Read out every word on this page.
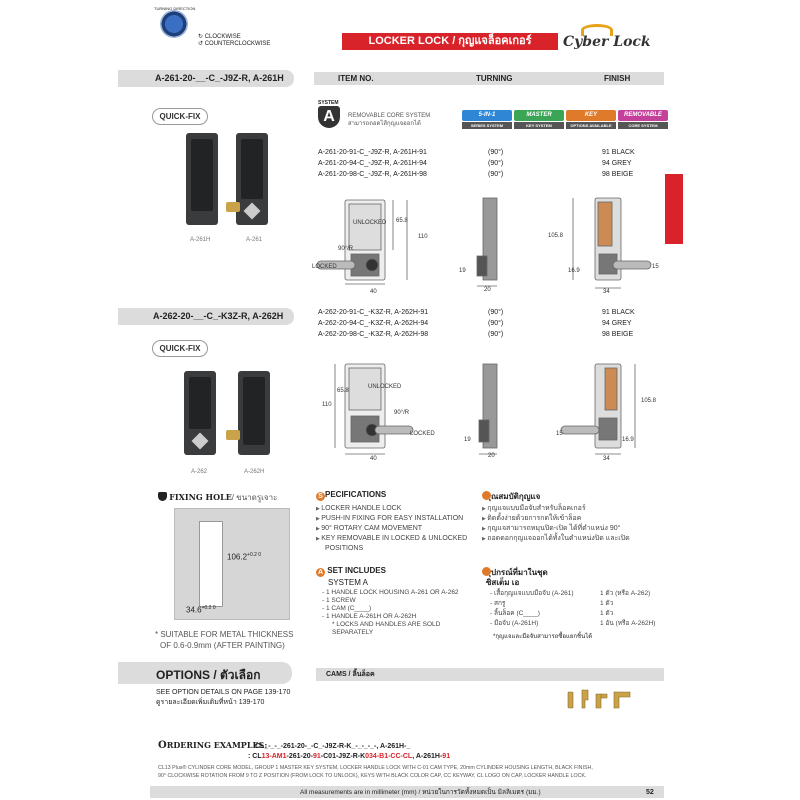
TURNING DIRECTION
↻ CLOCKWISE
↺ COUNTERCLOCKWISE	LOCKER LOCK / กุญแจล็อคเกอร์	Cyber Lock
A-261-20-__-C_-J9Z-R, A-261H
QUICK-FIX
A-261H	A-261
A-262-20-__-C_-K3Z-R, A-262H
QUICK-FIX
A-262	A-262H
FIXING HOLE/ ขนาดรูเจาะ
$106.2^{+0.2 0}$
$34.6^{+0.2 0}$
* SUITABLE FOR METAL THICKNESS
OF 0.6-0.9mm (AFTER PAINTING)
OPTIONS / ตัวเลือก
SEE OPTION DETAILS ON PAGE 139-170
ดูรายละเอียดเพิ่มเติมที่หน้า 139-170
ITEM NO.	TURNING	FINISH
SYSTEM
A	REMOVABLE CORE SYSTEM
สามารถถอดไส้กุญแจออกได้
5-IN-1
SERIES SYSTEM
MASTER
KEY SYSTEM
KEY
OPTIONS AVAILABLE
REMOVABLE
CORE SYSTEM
A-261-20-91-C_-J9Z-R, A-261H-91	(90°)	91 BLACK
A-261-20-94-C_-J9Z-R, A-261H-94	(90°)	94 GREY
A-261-20-98-C_-J9Z-R, A-261H-98	(90°)	98 BEIGE
UNLOCKED
90°/R
LOCKED
65.8
110
40
19
20
105.8
16.9
15
34
A-262-20-91-C_-K3Z-R, A-262H-91	(90°)	91 BLACK
A-262-20-94-C_-K3Z-R, A-262H-94	(90°)	94 GREY
A-262-20-98-C_-K3Z-R, A-262H-98	(90°)	98 BEIGE
UNLOCKED
90°/R
LOCKED
65.8
110
40
19
20
105.8
15
16.9
34
S PECIFICATIONS
▶ LOCKER HANDLE LOCK
▶ PUSH-IN FIXING FOR EASY INSTALLATION
▶ 90° ROTARY CAM MOVEMENT
▶ KEY REMOVABLE IN LOCKED & UNLOCKED
POSITIONS
ุณสมบัติกุญแจ
▶ กุญแจแบบมือจับสำหรับล็อคเกอร์
▶ ติดตั้งง่ายด้วยการกดให้เข้าล็อค
▶ กุญแจสามารถหมุนปิด-เปิด ได้ที่ตำแหน่ง 90°
▶ ถอดดอกกุญแจออกได้ทั้งในตำแหน่งปิด และเปิด
A SET INCLUDES
SYSTEM A
- 1 HANDLE LOCK HOUSING A-261 OR A-262
- 1 SCREW
- 1 CAM (C____)
- 1 HANDLE A-261H OR A-262H
* LOCKS AND HANDLES ARE SOLD
SEPARATELY
ุปกรณ์ที่มาในชุด
ซิสเต็ม เอ
- เสื้อกุญแจแบบมือจับ (A-261)	1 ตัว (หรือ A-262)
- สกรู	1 ตัว
- ลิ้นล็อค (C____)	1 ตัว
- มือจับ (A-261H)	1 อัน (หรือ A-262H)
*กุญแจและมือจับสามารถซื้อแยกชิ้นได้
CAMS / ลิ้นล็อค
ORDERING EXAMPLES:
CL_-_-_-261-20-_-C_-J9Z-R-K_-_-_-_-, A-261H-_
: CL13-AM1-261-20-91-C01-J9Z-R-K034-B1-CC-CL, A-261H-91
CL13 Plus® CYLINDER CORE MODEL, GROUP 1 MASTER KEY SYSTEM, LOCKER HANDLE LOCK WITH C-01 CAM TYPE, 20mm CYLINDER HOUSING LENGTH, BLACK FINISH,
90° CLOCKWISE ROTATION FROM 9 TO Z POSITION (FROM LOCK TO UNLOCK), KEYS WITH BLACK COLOR CAP, CC KEYWAY, CL LOGO ON CAP, LOCKER HANDLE LOCK.
All measurements are in millimeter (mm) / หน่วยในการวัดทั้งหมดเป็น มิลลิเมตร (มม.)	52
